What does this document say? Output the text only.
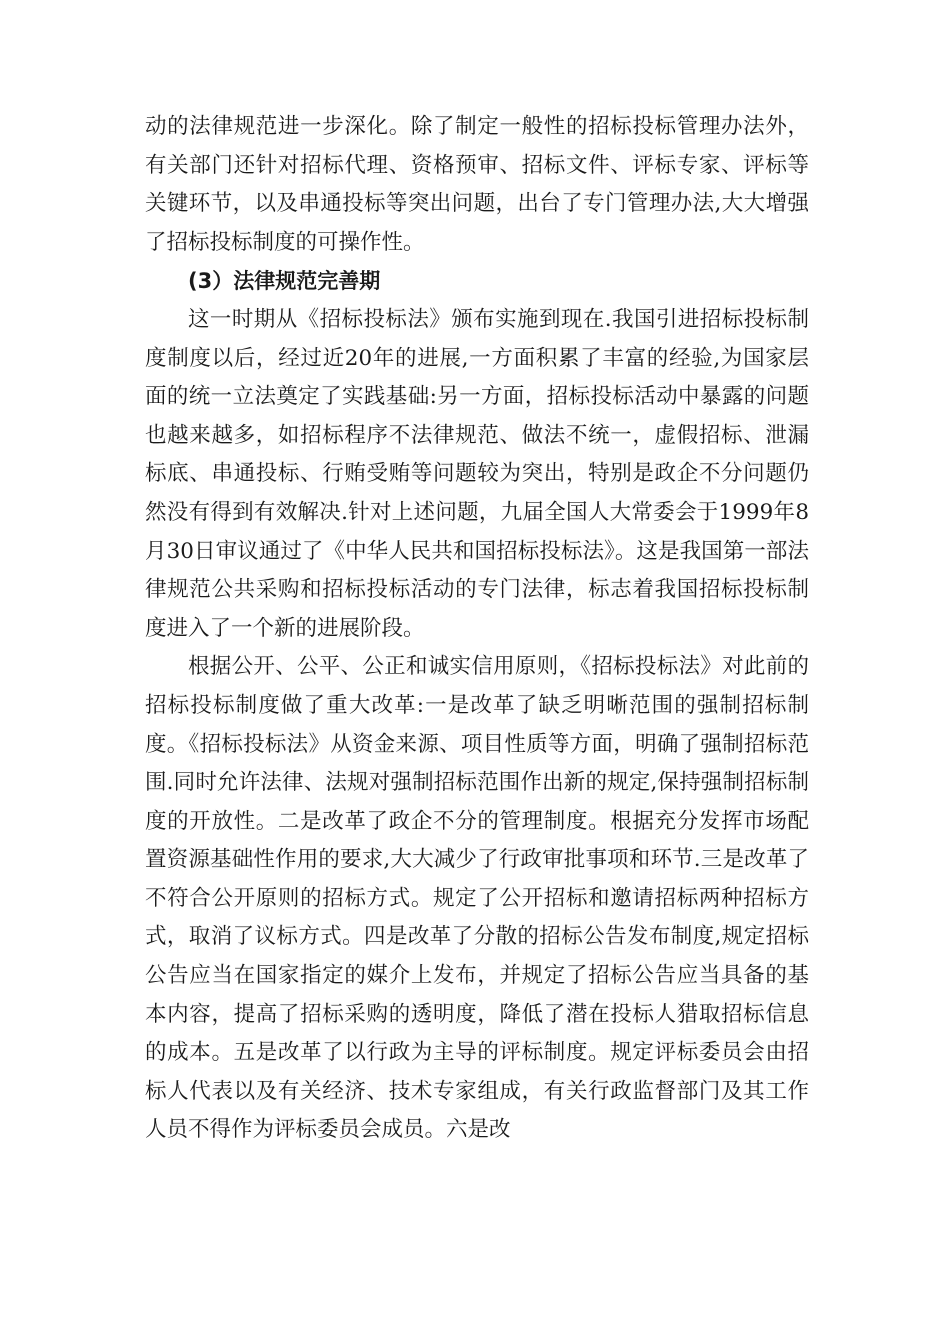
动的法律规范进一步深化。除了制定一般性的招标投标管理办法外，有关部门还针对招标代理、资格预审、招标文件、评标专家、评标等关键环节，以及串通投标等突出问题，出台了专门管理办法,大大增强了招标投标制度的可操作性。

(3）法律规范完善期

这一时期从《招标投标法》颁布实施到现在.我国引进招标投标制度制度以后，经过近20年的进展,一方面积累了丰富的经验,为国家层面的统一立法奠定了实践基础:另一方面，招标投标活动中暴露的问题也越来越多，如招标程序不法律规范、做法不统一，虚假招标、泄漏标底、串通投标、行贿受贿等问题较为突出，特别是政企不分问题仍然没有得到有效解决.针对上述问题，九届全国人大常委会于1999年8月30日审议通过了《中华人民共和国招标投标法》。这是我国第一部法律规范公共采购和招标投标活动的专门法律，标志着我国招标投标制度进入了一个新的进展阶段。

根据公开、公平、公正和诚实信用原则，《招标投标法》对此前的招标投标制度做了重大改革:一是改革了缺乏明晰范围的强制招标制度。《招标投标法》从资金来源、项目性质等方面，明确了强制招标范围.同时允许法律、法规对强制招标范围作出新的规定,保持强制招标制度的开放性。二是改革了政企不分的管理制度。根据充分发挥市场配置资源基础性作用的要求,大大减少了行政审批事项和环节.三是改革了不符合公开原则的招标方式。规定了公开招标和邀请招标两种招标方式，取消了议标方式。四是改革了分散的招标公告发布制度,规定招标公告应当在国家指定的媒介上发布，并规定了招标公告应当具备的基本内容，提高了招标采购的透明度，降低了潜在投标人猎取招标信息的成本。五是改革了以行政为主导的评标制度。规定评标委员会由招标人代表以及有关经济、技术专家组成，有关行政监督部门及其工作人员不得作为评标委员会成员。六是改
